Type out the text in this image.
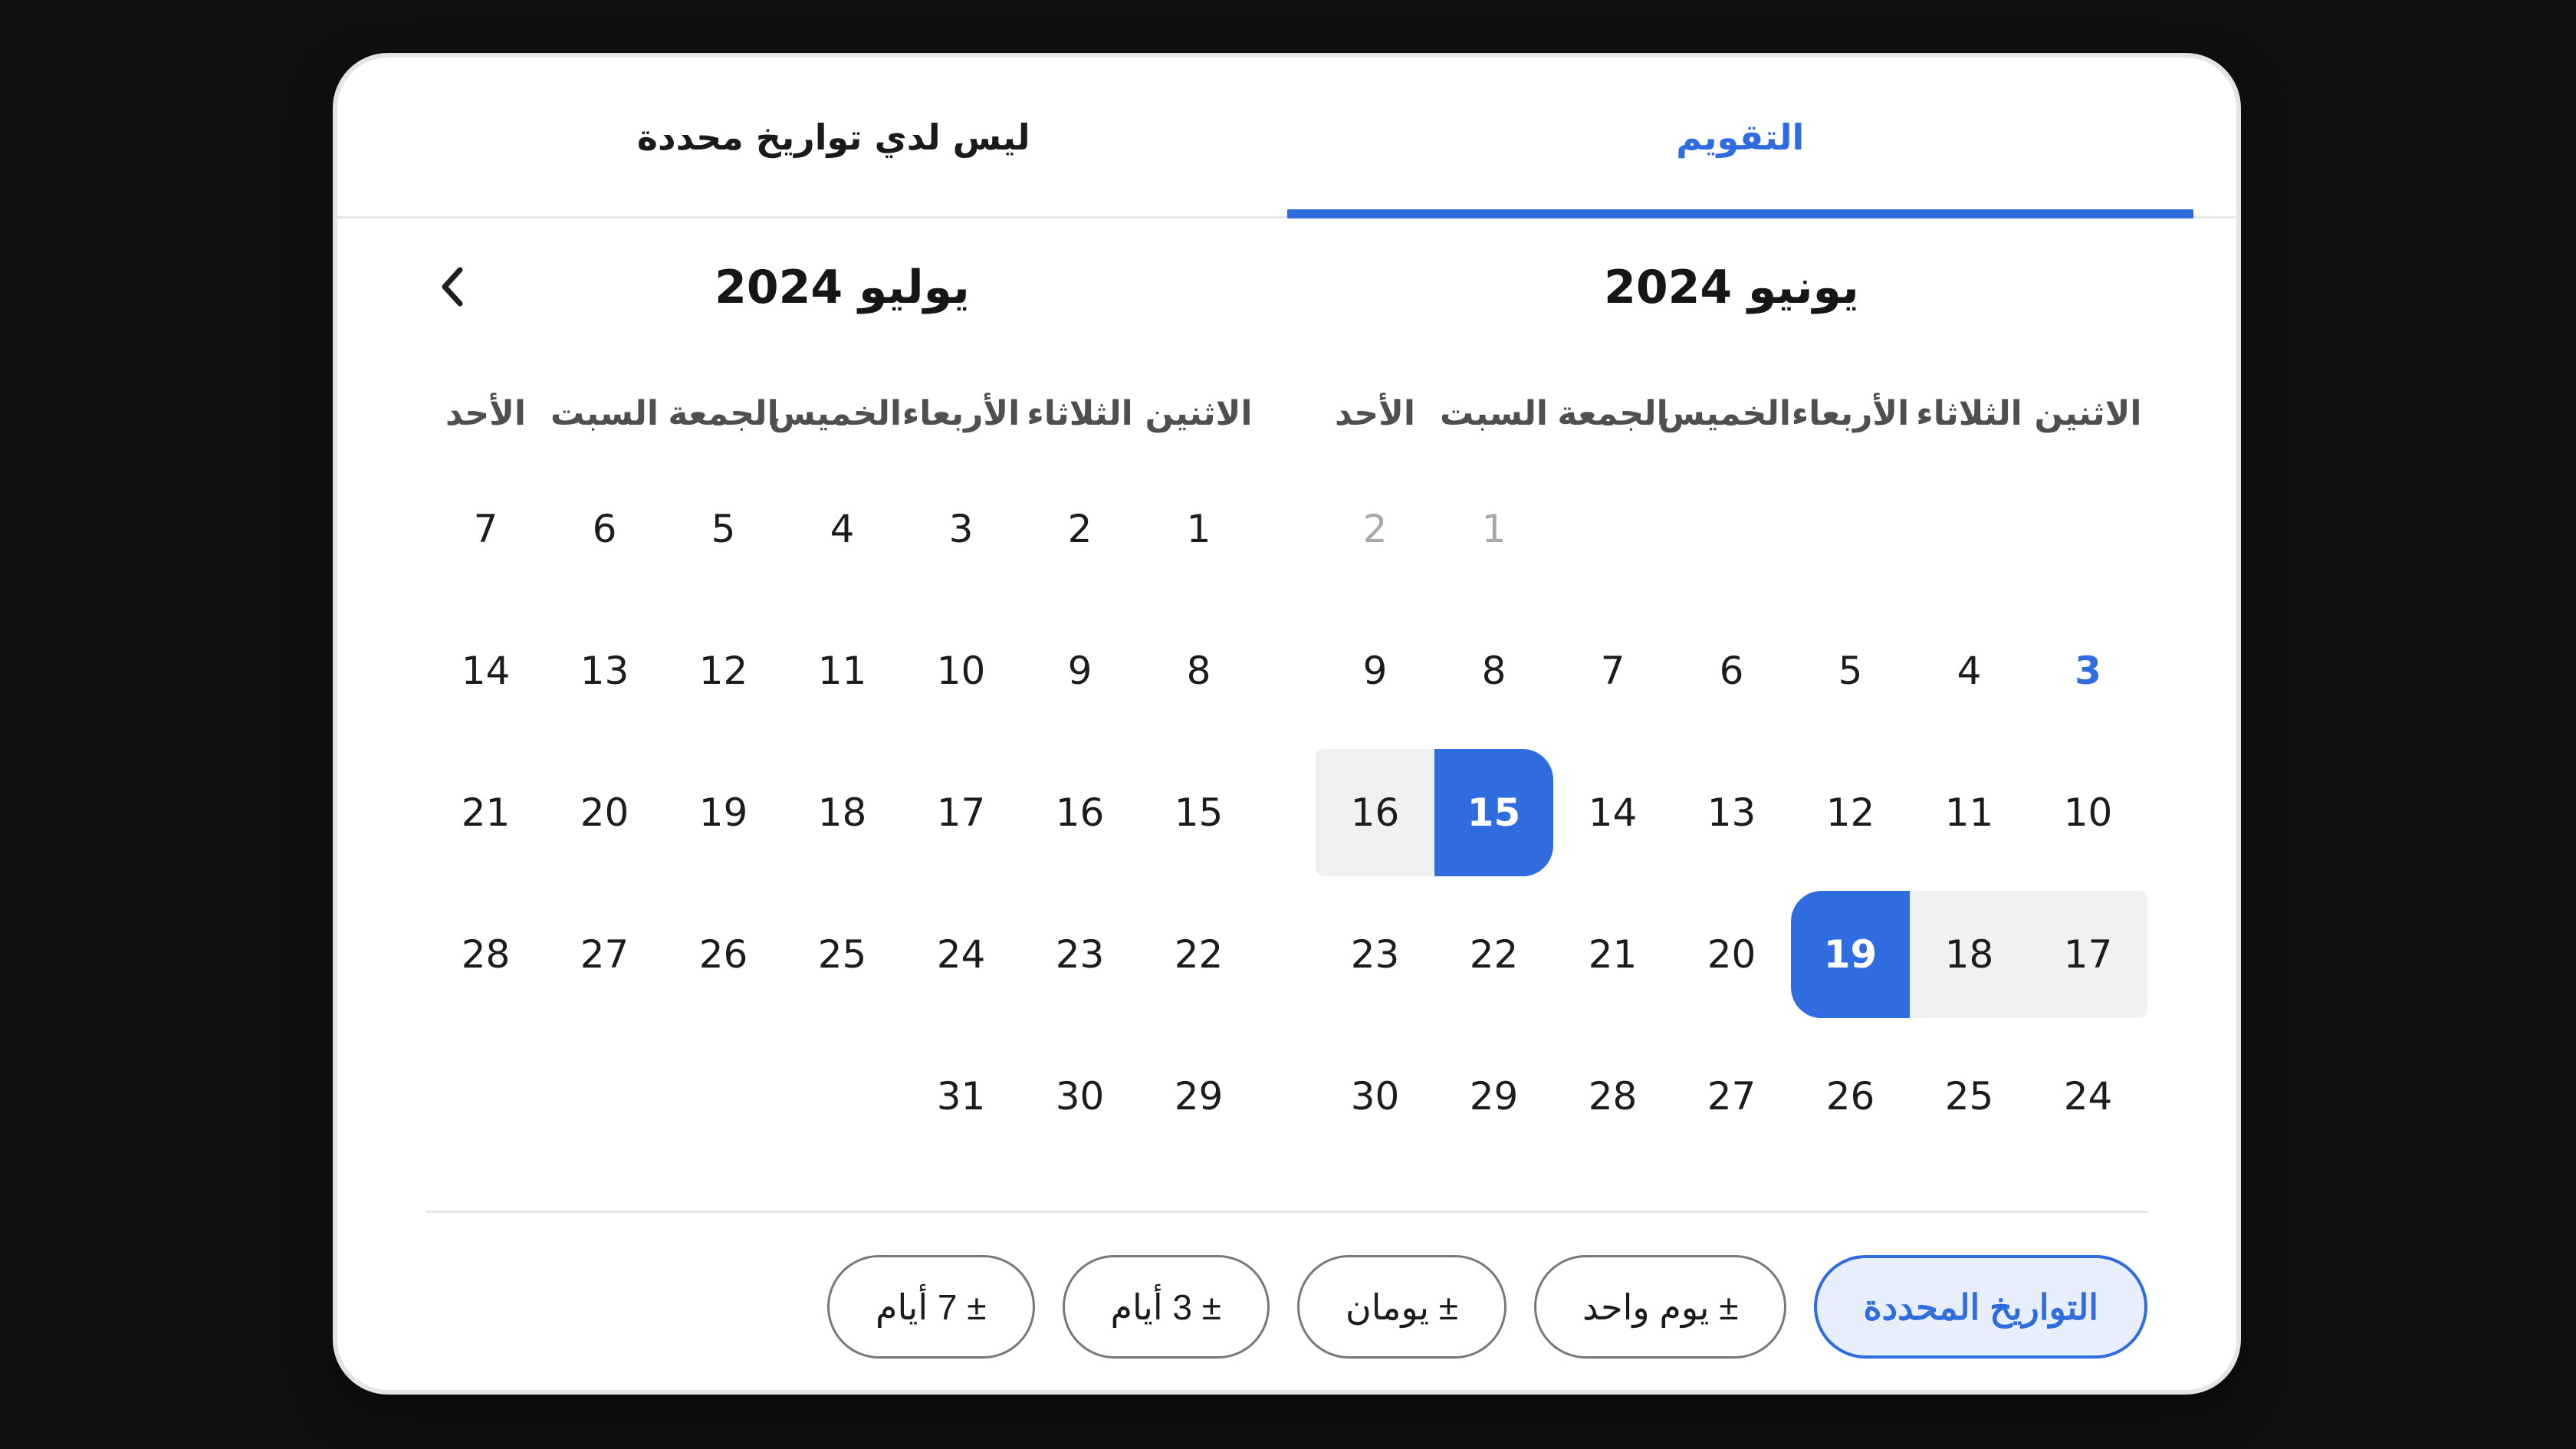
التقويم
ليس لدي تواريخ محددة
يونيو 2024
الاثنين
الثلاثاء
الأربعاء
الخميس
الجمعة
السبت
الأحد
1
2
3
4
5
6
7
8
9
10
11
12
13
14
15
16
17
18
19
20
21
22
23
24
25
26
27
28
29
30
يوليو 2024
الاثنين
الثلاثاء
الأربعاء
الخميس
الجمعة
السبت
الأحد
1
2
3
4
5
6
7
8
9
10
11
12
13
14
15
16
17
18
19
20
21
22
23
24
25
26
27
28
29
30
31
التواريخ المحددة
± يوم واحد
± يومان
± 3 أيام
± 7 أيام
